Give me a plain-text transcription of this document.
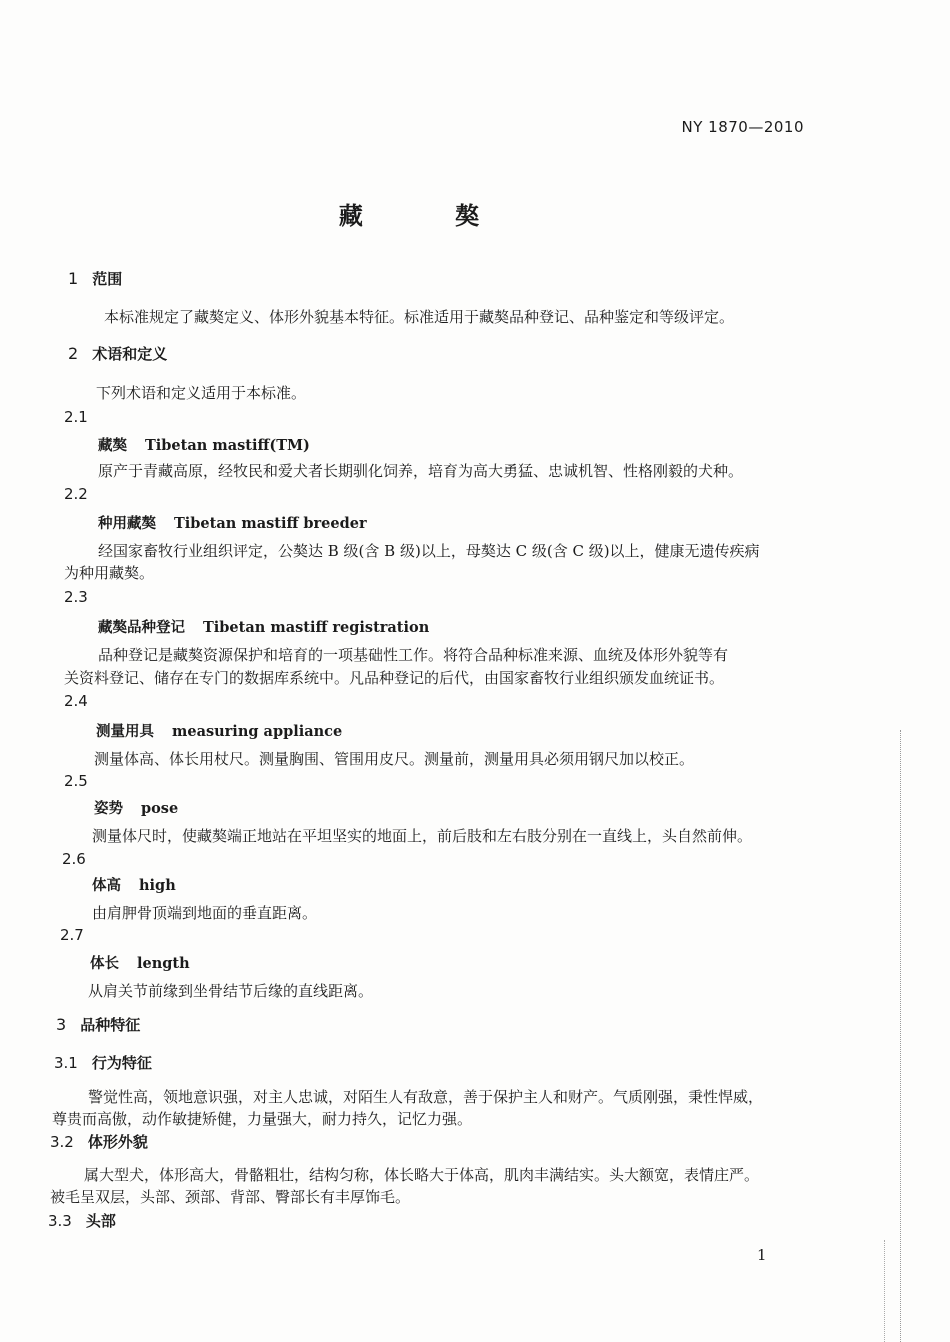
NY 1870—2010
藏 獒
1 范围
本标准规定了藏獒定义、体形外貌基本特征。标准适用于藏獒品种登记、品种鉴定和等级评定。
2 术语和定义
下列术语和定义适用于本标准。
2.1
藏獒 Tibetan mastiff(TM)
原产于青藏高原，经牧民和爱犬者长期驯化饲养，培育为高大勇猛、忠诚机智、性格刚毅的犬种。
2.2
种用藏獒 Tibetan mastiff breeder
经国家畜牧行业组织评定，公獒达 B 级(含 B 级)以上，母獒达 C 级(含 C 级)以上，健康无遗传疾病
为种用藏獒。
2.3
藏獒品种登记 Tibetan mastiff registration
品种登记是藏獒资源保护和培育的一项基础性工作。将符合品种标准来源、血统及体形外貌等有
关资料登记、储存在专门的数据库系统中。凡品种登记的后代，由国家畜牧行业组织颁发血统证书。
2.4
测量用具 measuring appliance
测量体高、体长用杖尺。测量胸围、管围用皮尺。测量前，测量用具必须用钢尺加以校正。
2.5
姿势 pose
测量体尺时，使藏獒端正地站在平坦坚实的地面上，前后肢和左右肢分别在一直线上，头自然前伸。
2.6
体高 high
由肩胛骨顶端到地面的垂直距离。
2.7
体长 length
从肩关节前缘到坐骨结节后缘的直线距离。
3 品种特征
3.1 行为特征
警觉性高，领地意识强，对主人忠诚，对陌生人有敌意，善于保护主人和财产。气质刚强，秉性悍威，
尊贵而高傲，动作敏捷矫健，力量强大，耐力持久，记忆力强。
3.2 体形外貌
属大型犬，体形高大，骨骼粗壮，结构匀称，体长略大于体高，肌肉丰满结实。头大额宽，表情庄严。
被毛呈双层，头部、颈部、背部、臀部长有丰厚饰毛。
3.3 头部
1
